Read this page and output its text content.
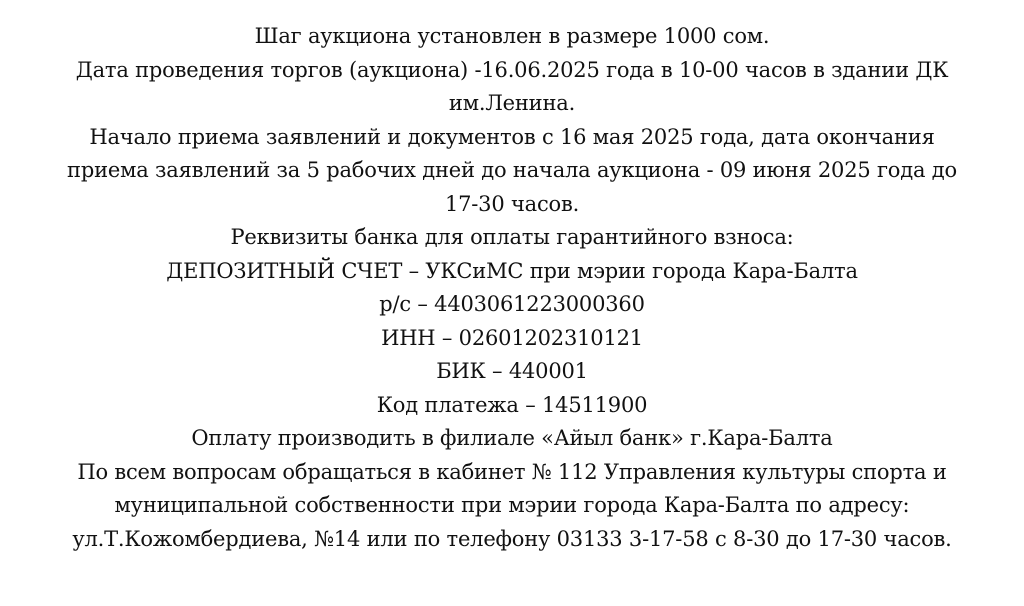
Шаг аукциона установлен в размере 1000 сом.
Дата проведения торгов (аукциона) -16.06.2025 года в 10-00 часов в здании ДК
им.Ленина.
Начало приема заявлений и документов с 16 мая 2025 года, дата окончания
приема заявлений за 5 рабочих дней до начала аукциона - 09 июня 2025 года до
17-30 часов.
Реквизиты банка для оплаты гарантийного взноса:
ДЕПОЗИТНЫЙ СЧЕТ – УКСиМС при мэрии города Кара-Балта
р/с – 4403061223000360
ИНН – 02601202310121
БИК – 440001
Код платежа – 14511900
Оплату производить в филиале «Айыл банк» г.Кара-Балта
По всем вопросам обращаться в кабинет № 112 Управления культуры спорта и
муниципальной собственности при мэрии города Кара-Балта по адресу:
ул.Т.Кожомбердиева, №14 или по телефону 03133 3-17-58 с 8-30 до 17-30 часов.
